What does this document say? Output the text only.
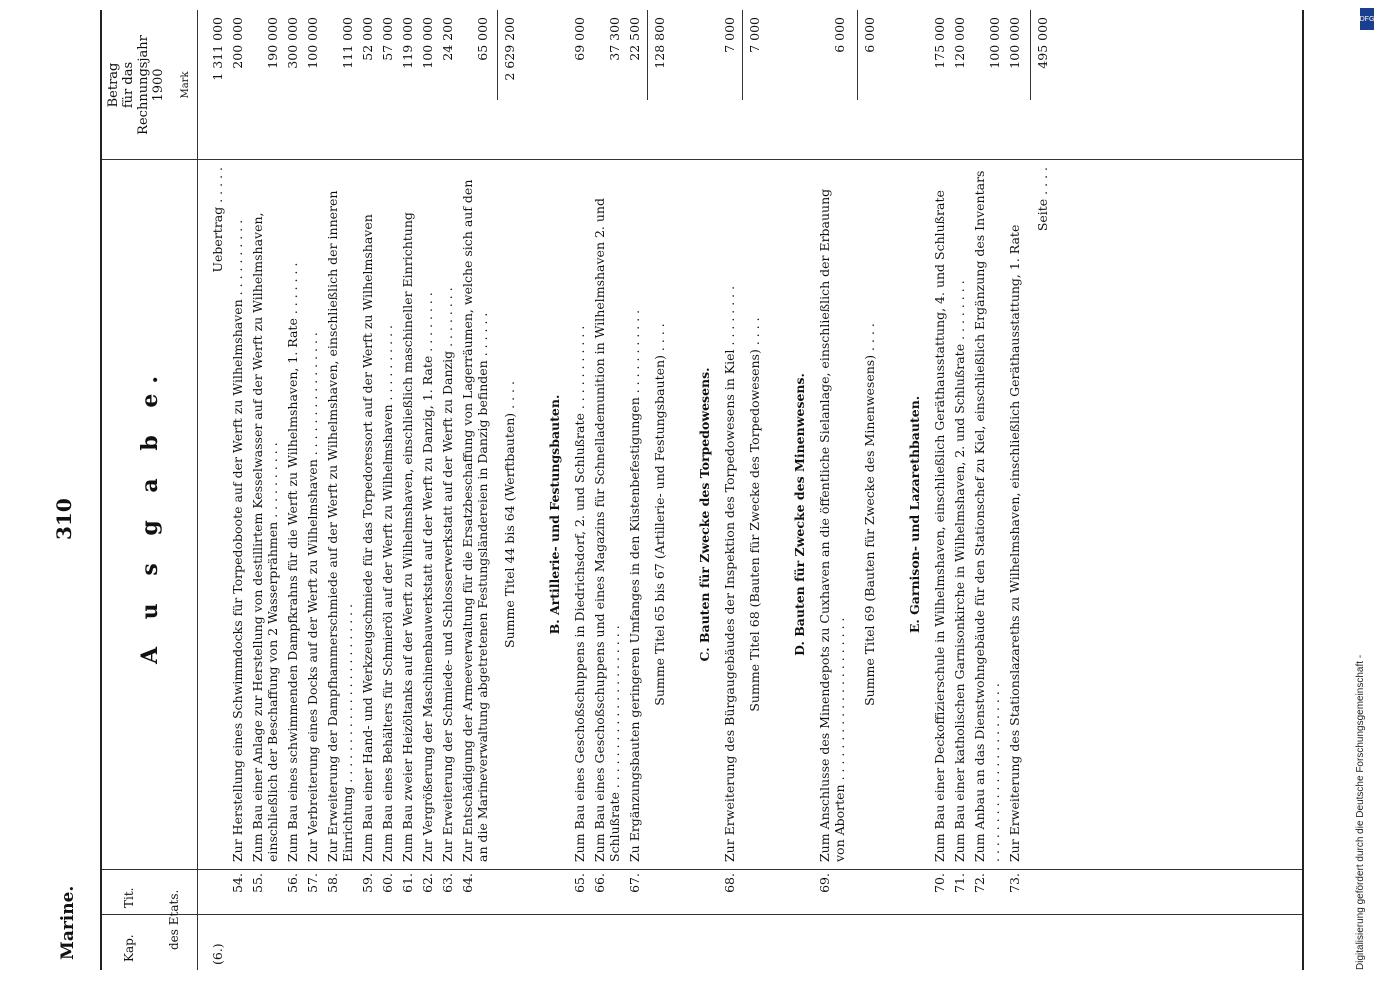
Marine.
310
Kap.
Tit.	des Etats.
A u s g a b e.
Betrag für das Rechnungsjahr 1900 Mark
(6.)
Uebertrag . . . . .
1 311 000
54.
Zur Herstellung eines Schwimmdocks für Torpedoboote auf der Werft zu Wilhelmshaven . . . . . . . . . .
200 000
55.
Zum Bau einer Anlage zur Herstellung von destillirtem Kesselwasser auf der Werft zu Wilhelmshaven, einschließlich der Beschaffung von 2 Wasserprähmen . . . . . . . . . .
190 000
56.
Zum Bau eines schwimmenden Dampfkrahns für die Werft zu Wilhelmshaven, 1. Rate . . . . . . .
300 000
57.
Zur Verbreiterung eines Docks auf der Werft zu Wilhelmshaven . . . . . . . . . . . . . . . .
100 000
58.
Zur Erweiterung der Dampfhammerschmiede auf der Werft zu Wilhelmshaven, einschließlich der inneren Einrichtung . . . . . . . . . . . . . . . . . . . . . . .
111 000
59.
Zum Bau einer Hand- und Werkzeugschmiede für das Torpedoressort auf der Werft zu Wilhelmshaven
52 000
60.
Zum Bau eines Behälters für Schmieröl auf der Werft zu Wilhelmshaven . . . . . . . . . .
57 000
61.
Zum Bau zweier Heizöltanks auf der Werft zu Wilhelmshaven, einschließlich maschineller Einrichtung
119 000
62.
Zur Vergrößerung der Maschinenbauwerkstatt auf der Werft zu Danzig, 1. Rate . . . . . . . .
100 000
63.
Zur Erweiterung der Schmiede- und Schlosserwerkstatt auf der Werft zu Danzig . . . . . . . .
24 200
64.
Zur Entschädigung der Armeeverwaltung für die Ersatzbeschaffung von Lagerräumen, welche sich auf den an die Marineverwaltung abgetretenen Festungsländereien in Danzig befinden . . . . . .
65 000
Summe Titel 44 bis 64 (Werftbauten) . . . .
2 629 200
B. Artillerie- und Festungsbauten.
65.
Zum Bau eines Geschoßschuppens in Diedrichsdorf, 2. und Schlußrate . . . . . . . . . . .
69 000
66.
Zum Bau eines Geschoßschuppens und eines Magazins für Schnellademunition in Wilhelmshaven 2. und Schlußrate . . . . . . . . . . . . . . . . . . . . .
37 300
67.
Zu Ergänzungsbauten geringeren Umfanges in den Küstenbefestigungen . . . . . . . . . . .
22 500
Summe Titel 65 bis 67 (Artillerie- und Festungsbauten) . . . .
128 800
C. Bauten für Zwecke des Torpedowesens.
68.
Zur Erweiterung des Bürgaugebäudes der Inspektion des Torpedowesens in Kiel . . . . . . . .
7 000
Summe Titel 68 (Bauten für Zwecke des Torpedowesens) . . . .
7 000
D. Bauten für Zwecke des Minenwesens.
69.
Zum Anschlusse des Minendepots zu Cuxhaven an die öffentliche Sielanlage, einschließlich der Erbauung von Aborten . . . . . . . . . . . . . . . . . . . . .
6 000
Summe Titel 69 (Bauten für Zwecke des Minenwesens) . . . .
6 000
E. Garnison- und Lazarethbauten.
70.
Zum Bau einer Deckoffizierschule in Wilhelmshaven, einschließlich Geräthausstattung, 4. und Schlußrate
175 000
71.
Zum Bau einer katholischen Garnisonkirche in Wilhelmshaven, 2. und Schlußrate . . . . . . . .
120 000
72.
Zum Anbau an das Dienstwohngebäude für den Stationschef zu Kiel, einschließlich Ergänzung des Inventars . . . . . . . . . . . . . . . . . . . . . . .
100 000
73.
Zur Erweiterung des Stationslazareths zu Wilhelmshaven, einschließlich Geräthausstattung, 1. Rate
100 000
Seite . . . .
495 000
Digitalisierung gefördert durch die Deutsche Forschungsgemeinschaft -
DFG
